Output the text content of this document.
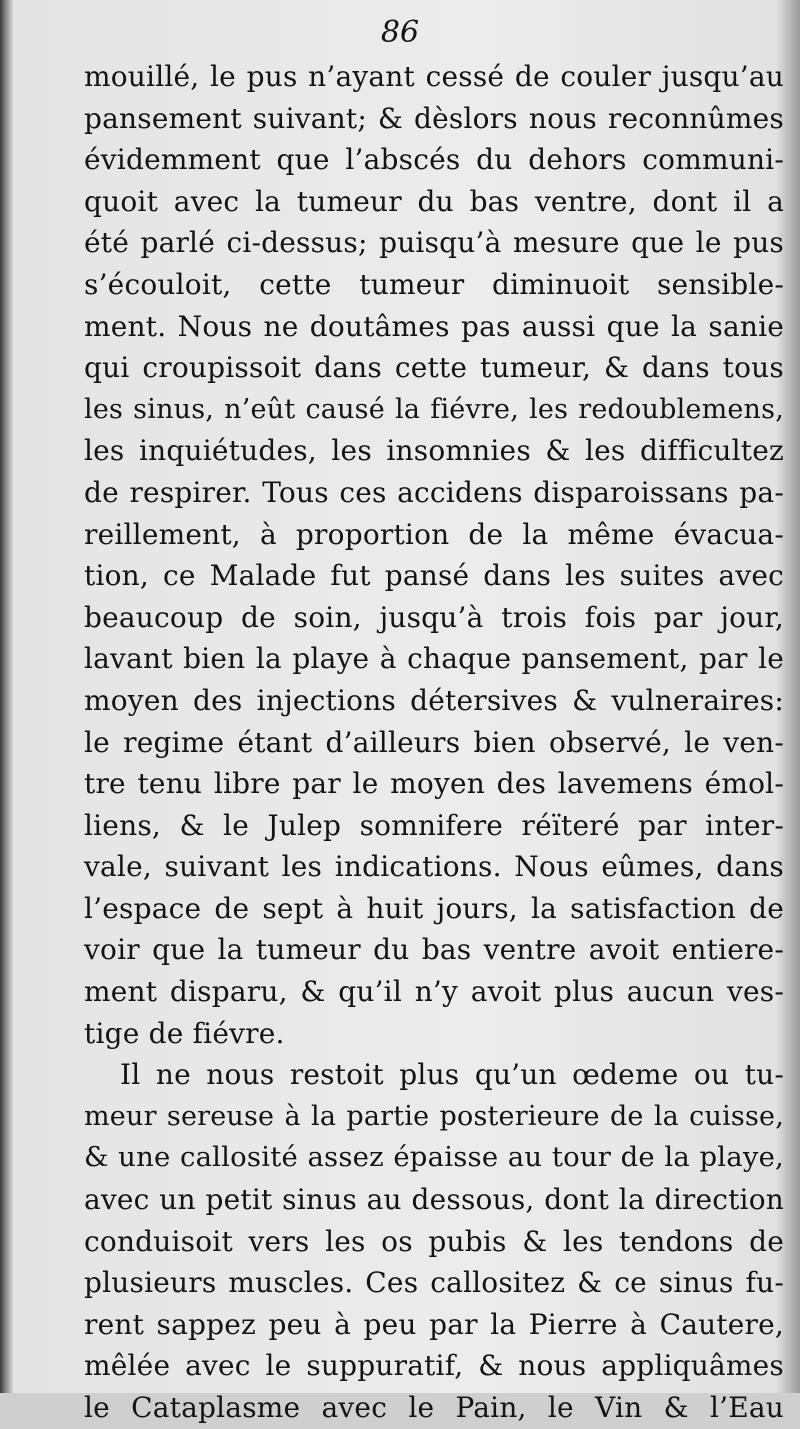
86
mouillé, le pus n’ayant cessé de couler jusqu’au
pansement suivant; & dèslors nous reconnûmes
évidemment que l’abscés du dehors communi-
quoit avec la tumeur du bas ventre, dont il a
été parlé ci-dessus; puisqu’à mesure que le pus
s’écouloit, cette tumeur diminuoit sensible-
ment. Nous ne doutâmes pas aussi que la sanie
qui croupissoit dans cette tumeur, & dans tous
les sinus, n’eût causé la fiévre, les redoublemens,
les inquiétudes, les insomnies & les difficultez
de respirer. Tous ces accidens disparoissans pa-
reillement, à proportion de la même évacua-
tion, ce Malade fut pansé dans les suites avec
beaucoup de soin, jusqu’à trois fois par jour,
lavant bien la playe à chaque pansement, par le
moyen des injections détersives & vulneraires:
le regime étant d’ailleurs bien observé, le ven-
tre tenu libre par le moyen des lavemens émol-
liens, & le Julep somnifere réïteré par inter-
vale, suivant les indications. Nous eûmes, dans
l’espace de sept à huit jours, la satisfaction de
voir que la tumeur du bas ventre avoit entiere-
ment disparu, & qu’il n’y avoit plus aucun ves-
tige de fiévre.
Il ne nous restoit plus qu’un œdeme ou tu-
meur sereuse à la partie posterieure de la cuisse,
& une callosité assez épaisse au tour de la playe,
avec un petit sinus au dessous, dont la direction
conduisoit vers les os pubis & les tendons de
plusieurs muscles. Ces callositez & ce sinus fu-
rent sappez peu à peu par la Pierre à Cautere,
mêlée avec le suppuratif, & nous appliquâmes
le Cataplasme avec le Pain, le Vin & l’Eau
